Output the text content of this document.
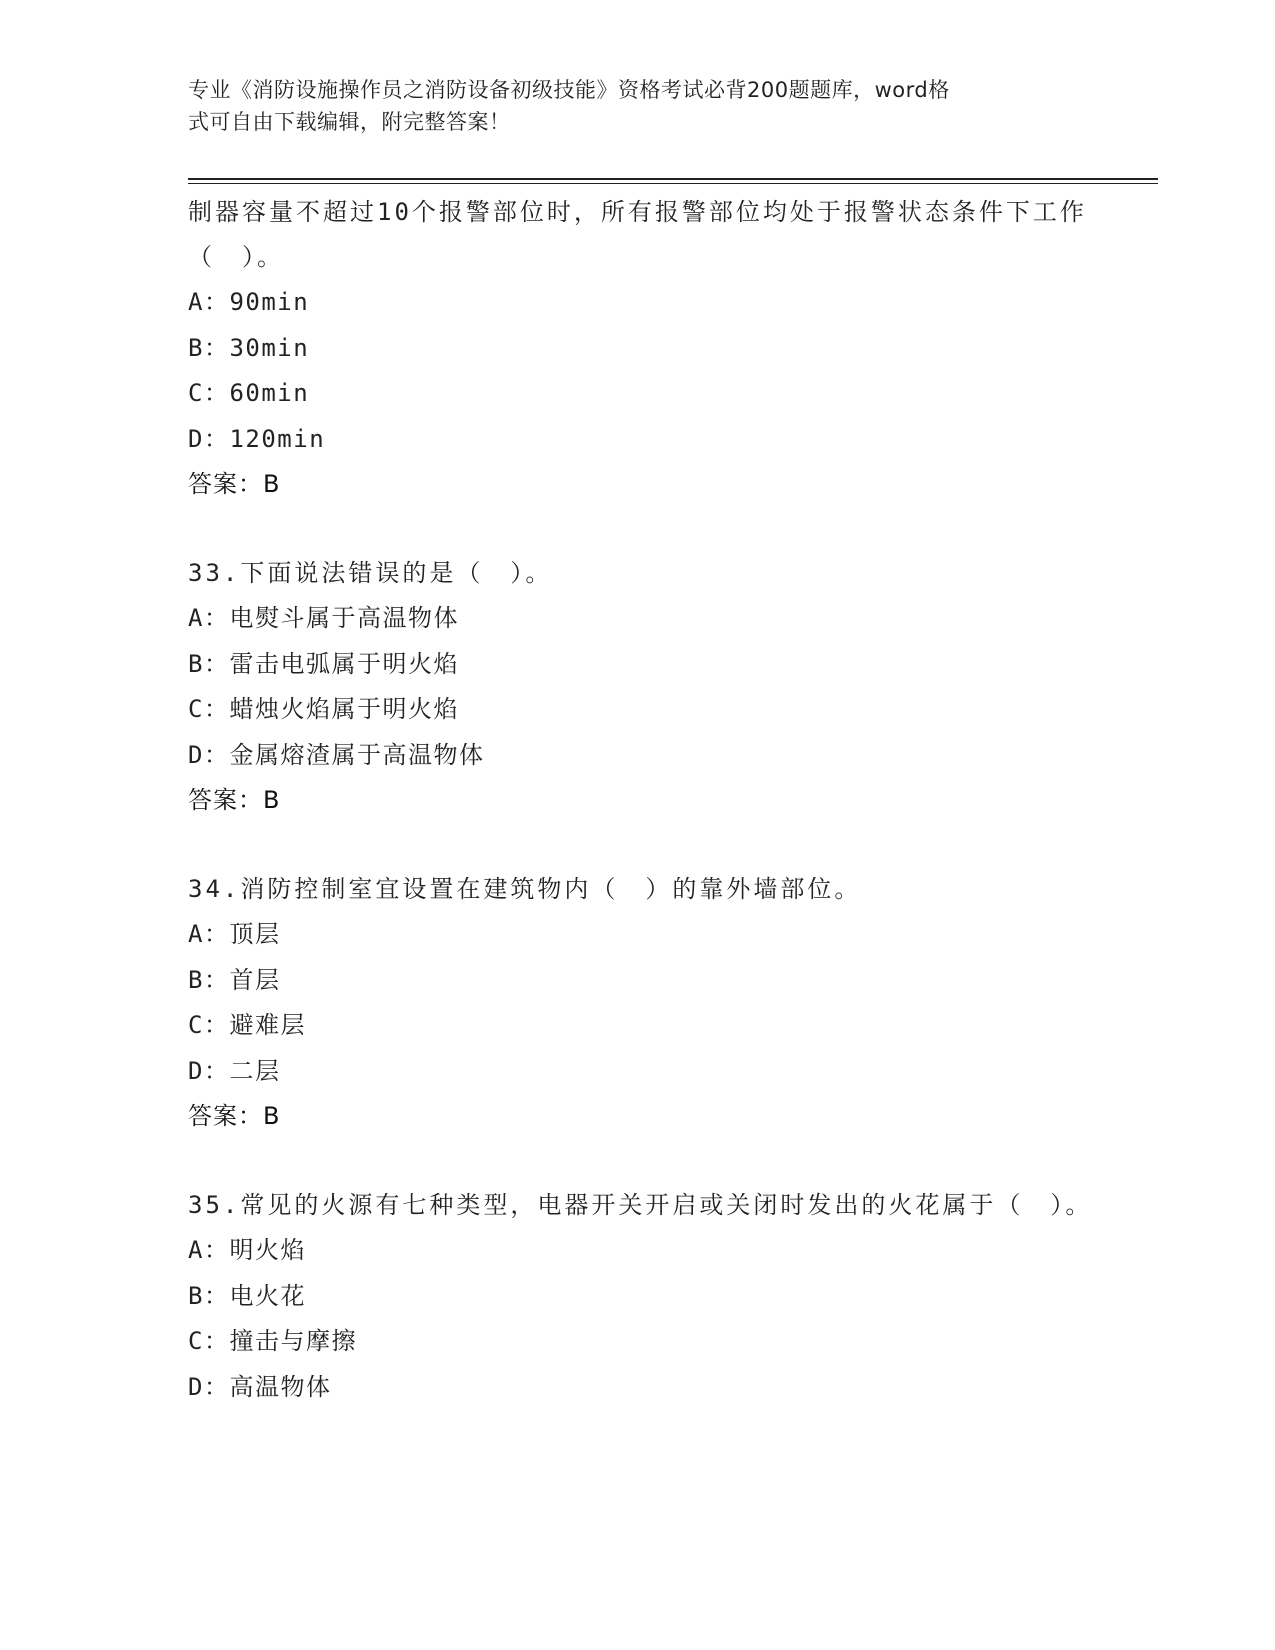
专业《消防设施操作员之消防设备初级技能》资格考试必背200题题库，word格
式可自由下载编辑，附完整答案！
制器容量不超过10个报警部位时，所有报警部位均处于报警状态条件下工作（　）。
A：90min
B：30min
C：60min
D：120min
答案：B
33.下面说法错误的是（　）。
A：电熨斗属于高温物体
B：雷击电弧属于明火焰
C：蜡烛火焰属于明火焰
D：金属熔渣属于高温物体
答案：B
34.消防控制室宜设置在建筑物内（　）的靠外墙部位。
A：顶层
B：首层
C：避难层
D：二层
答案：B
35.常见的火源有七种类型，电器开关开启或关闭时发出的火花属于（　）。
A：明火焰
B：电火花
C：撞击与摩擦
D：高温物体
